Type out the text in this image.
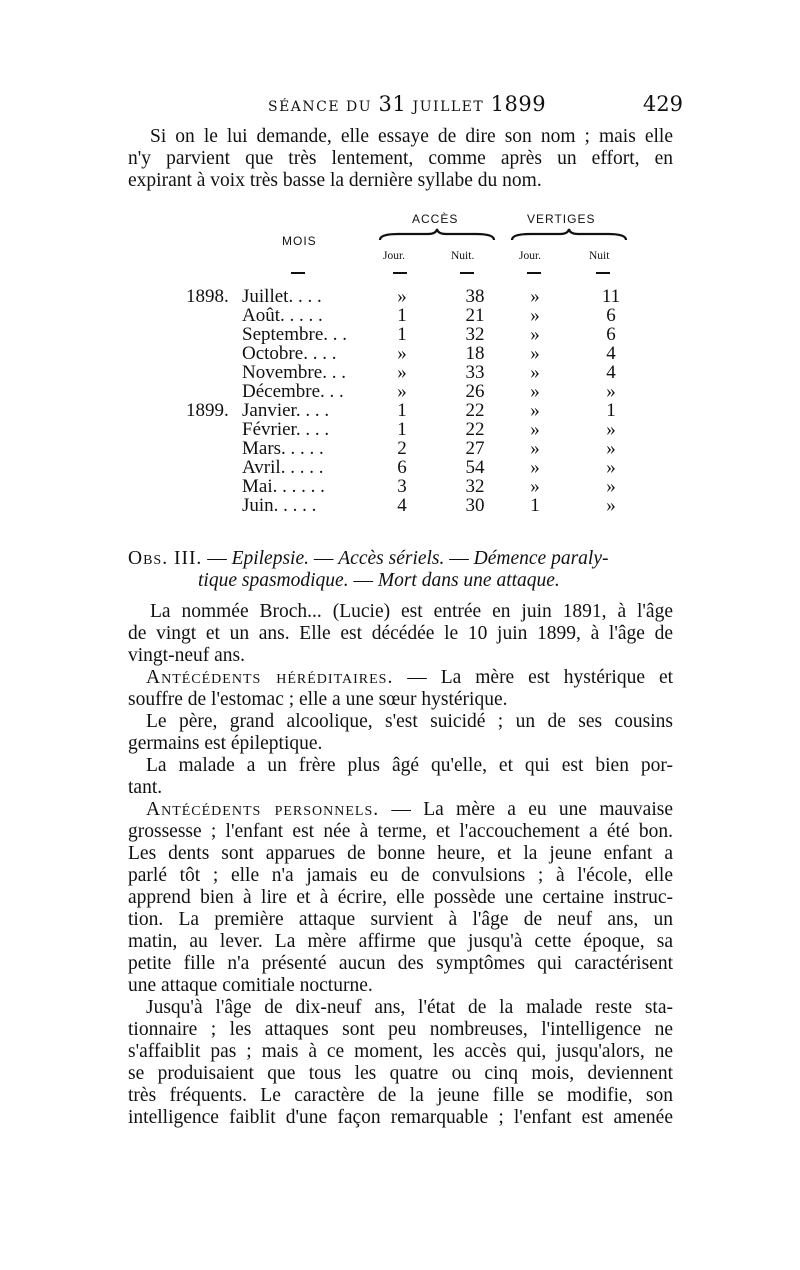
SÉANCE DU 31 JUILLET 1899	429
Si on le lui demande, elle essaye de dire son nom ; mais elle
n'y parvient que très lentement, comme après un effort, en
expirant à voix très basse la dernière syllabe du nom.
MOIS
ACCÈS	VERTIGES
Jour.	Nuit.	Jour.	Nuit
1898. Juillet. . . .	»	38	»	11
Août. . . . .	1	21	»	6
Septembre. . .	1	32	»	6
Octobre. . . .	»	18	»	4
Novembre. . .	»	33	»	4
Décembre. . .	»	26	»	»
1899. Janvier. . . .	1	22	»	1
Février. . . .	1	22	»	»
Mars. . . . .	2	27	»	»
Avril. . . . .	6	54	»	»
Mai. . . . . .	3	32	»	»
Juin. . . . .	4	30	1	»
Obs. III. — Epilepsie. — Accès sériels. — Démence paraly-
tique spasmodique. — Mort dans une attaque.
La nommée Broch... (Lucie) est entrée en juin 1891, à l'âge
de vingt et un ans. Elle est décédée le 10 juin 1899, à l'âge de
vingt-neuf ans.
Antécédents héréditaires. — La mère est hystérique et
souffre de l'estomac ; elle a une sœur hystérique.
Le père, grand alcoolique, s'est suicidé ; un de ses cousins
germains est épileptique.
La malade a un frère plus âgé qu'elle, et qui est bien por-
tant.
Antécédents personnels. — La mère a eu une mauvaise
grossesse ; l'enfant est née à terme, et l'accouchement a été bon.
Les dents sont apparues de bonne heure, et la jeune enfant a
parlé tôt ; elle n'a jamais eu de convulsions ; à l'école, elle
apprend bien à lire et à écrire, elle possède une certaine instruc-
tion. La première attaque survient à l'âge de neuf ans, un
matin, au lever. La mère affirme que jusqu'à cette époque, sa
petite fille n'a présenté aucun des symptômes qui caractérisent
une attaque comitiale nocturne.
Jusqu'à l'âge de dix-neuf ans, l'état de la malade reste sta-
tionnaire ; les attaques sont peu nombreuses, l'intelligence ne
s'affaiblit pas ; mais à ce moment, les accès qui, jusqu'alors, ne
se produisaient que tous les quatre ou cinq mois, deviennent
très fréquents. Le caractère de la jeune fille se modifie, son
intelligence faiblit d'une façon remarquable ; l'enfant est amenée
